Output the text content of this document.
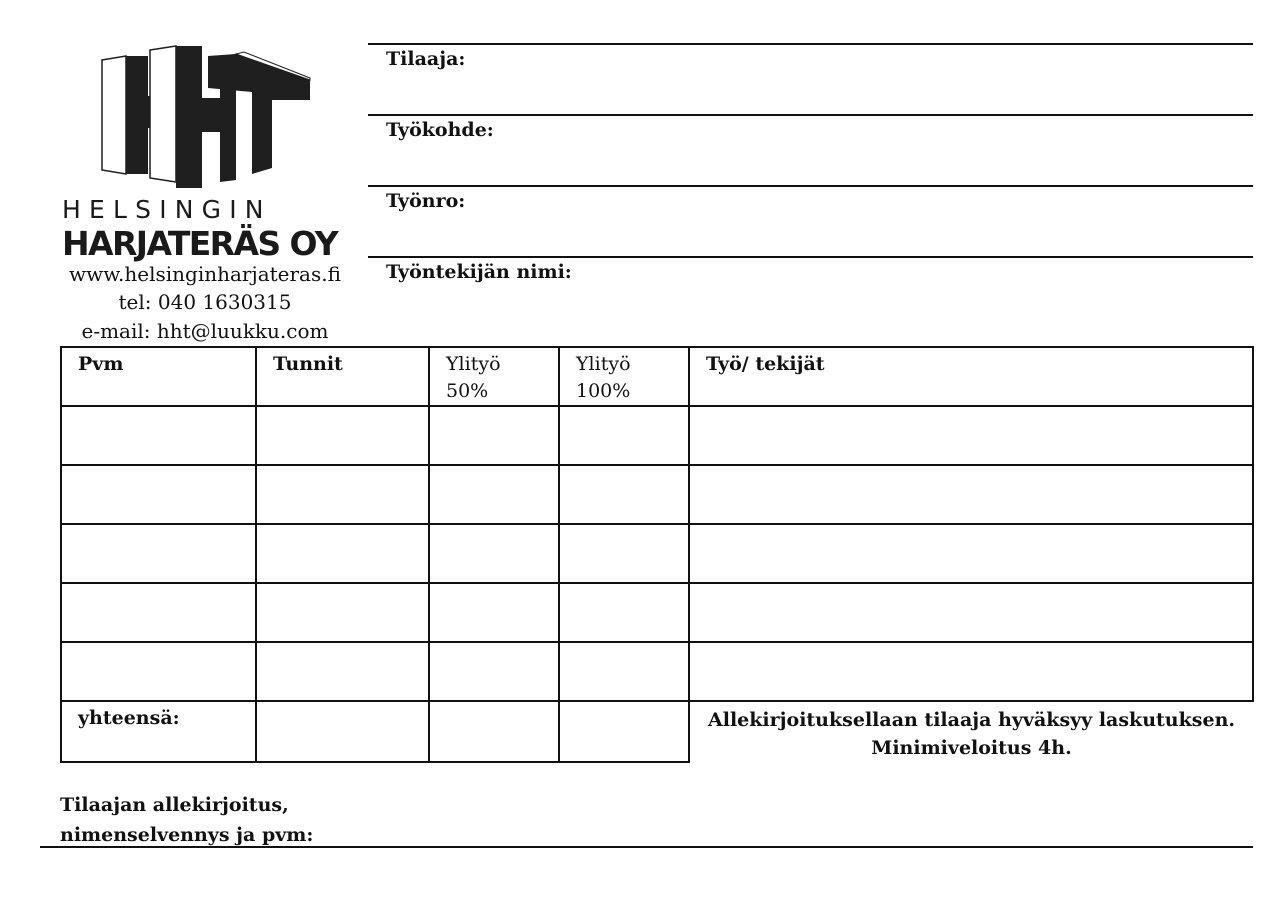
HELSINGIN
HARJATERÄS OY
www.helsinginharjateras.fi
tel: 040 1630315
e-mail: hht@luukku.com
Tilaaja:
Työkohde:
Työnro:
Työntekijän nimi:
Pvm	Tunnit	Ylityö 50%	Ylityö 100%	Työ/ tekijät

yhteensä:				Allekirjoituksellaan tilaaja hyväksyy laskutuksen. Minimiveloitus 4h.
Tilaajan allekirjoitus,
nimenselvennys ja pvm:
